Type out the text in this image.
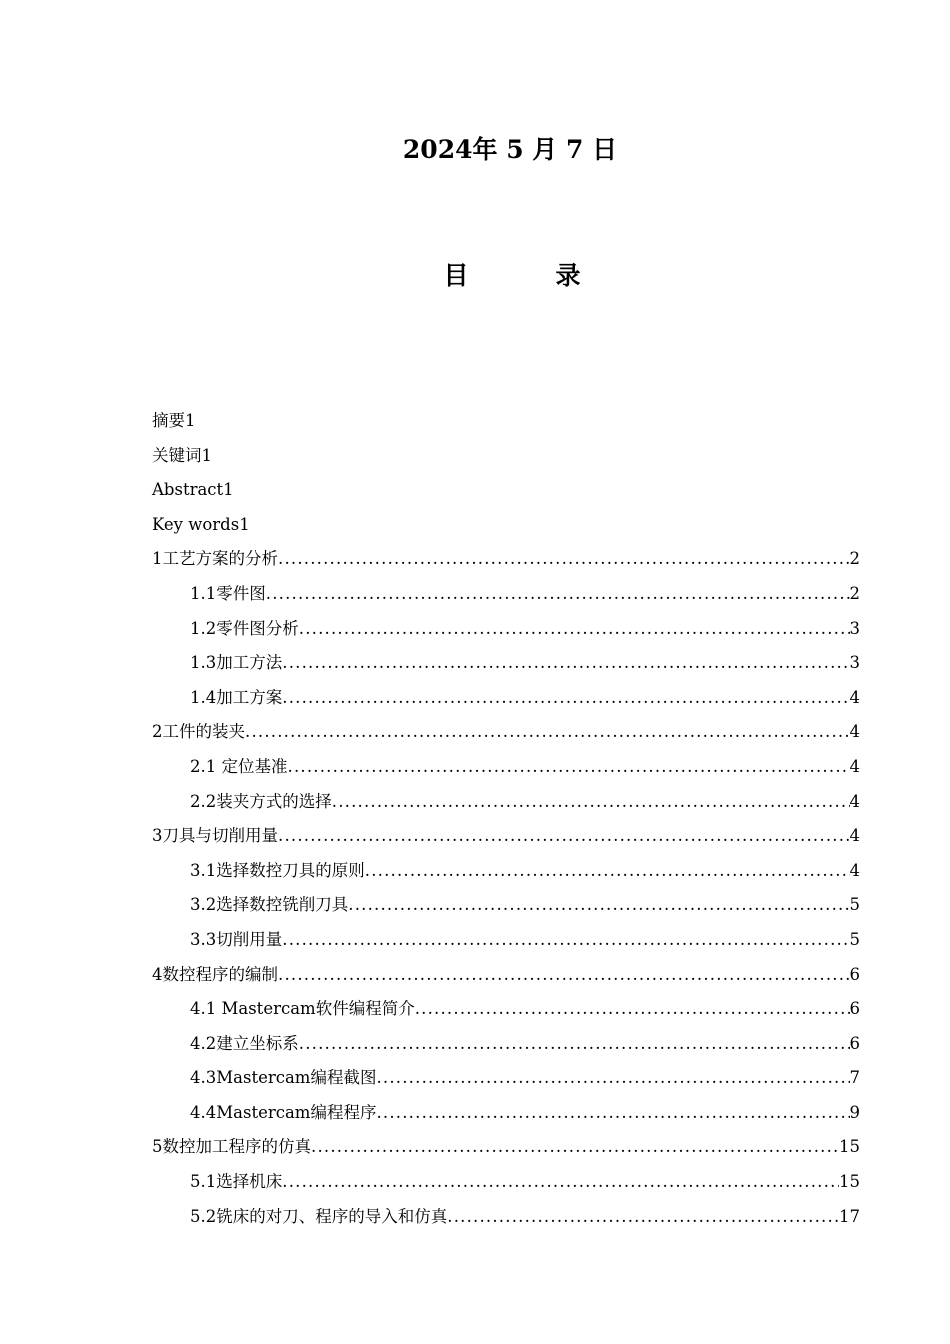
2024年 5 月 7 日
目          录
摘要1
关键词1
Abstract1
Key words1
1工艺方案的分析 .....	2
1.1零件图 .....	2
1.2零件图分析 .....	3
1.3加工方法 .....	3
1.4加工方案 .....	4
2工件的装夹 .....	4
2.1 定位基准 .....	4
2.2装夹方式的选择 .....	4
3刀具与切削用量 .....	4
3.1选择数控刀具的原则 .....	4
3.2选择数控铣削刀具 .....	5
3.3切削用量 .....	5
4数控程序的编制 .....	6
4.1 Mastercam软件编程简介 .....	6
4.2建立坐标系 .....	6
4.3Mastercam编程截图 .....	7
4.4Mastercam编程程序 .....	9
5数控加工程序的仿真 .....	15
5.1选择机床 .....	15
5.2铣床的对刀、程序的导入和仿真 .....	17
